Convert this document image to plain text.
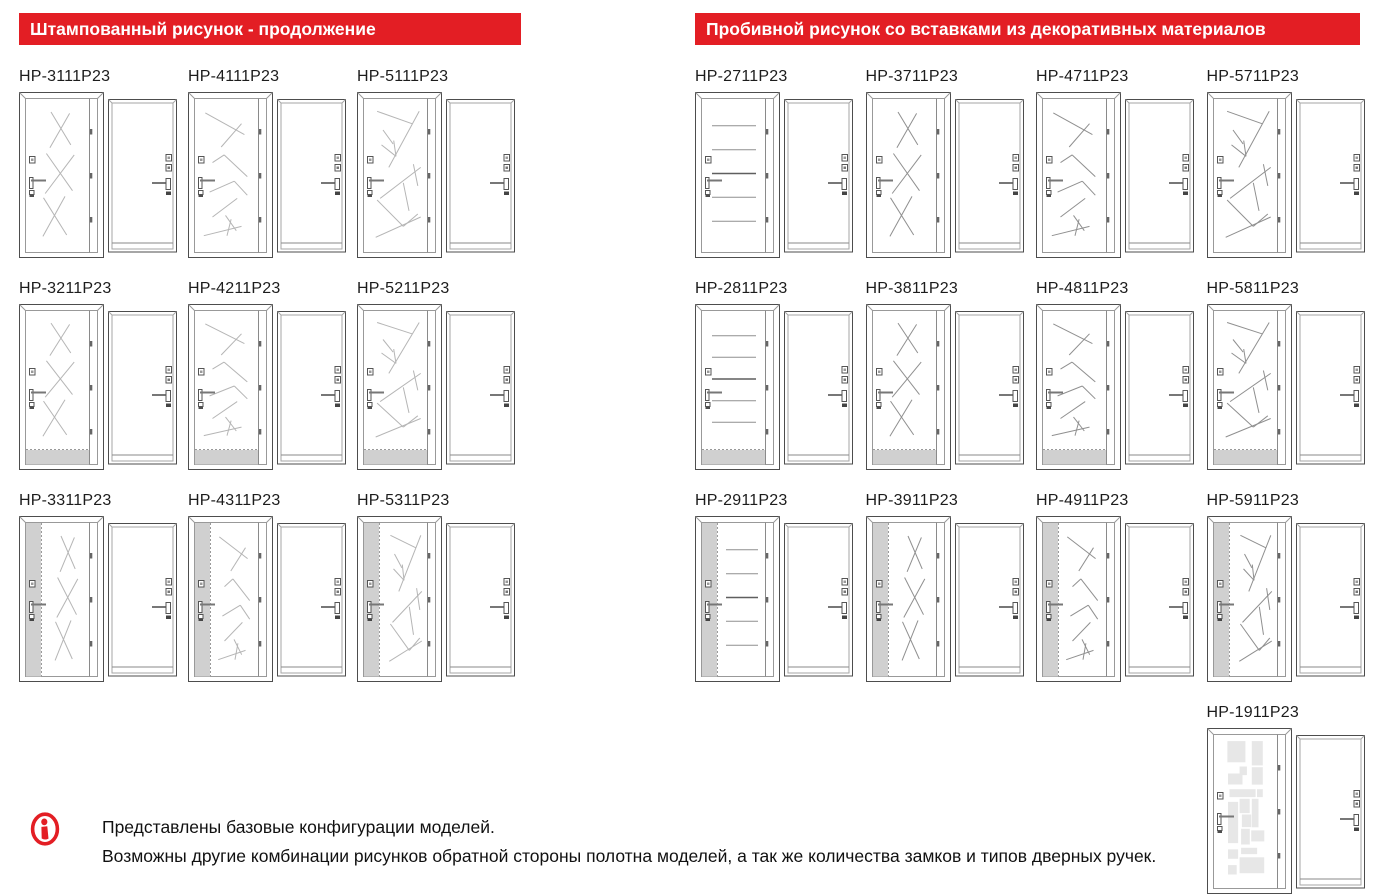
Штампованный рисунок - продолжение
HP-3111P23	HP-4111P23	HP-5111P23
HP-3211P23	HP-4211P23	HP-5211P23
HP-3311P23	HP-4311P23	HP-5311P23
Пробивной рисунок со вставками из декоративных материалов
HP-2711P23	HP-3711P23	HP-4711P23	HP-5711P23
HP-2811P23	HP-3811P23	HP-4811P23	HP-5811P23
HP-2911P23	HP-3911P23	HP-4911P23	HP-5911P23
HP-1911P23
Представлены базовые конфигурации моделей.
Возможны другие комбинации рисунков обратной стороны полотна моделей, а так же количества замков и типов дверных ручек.
